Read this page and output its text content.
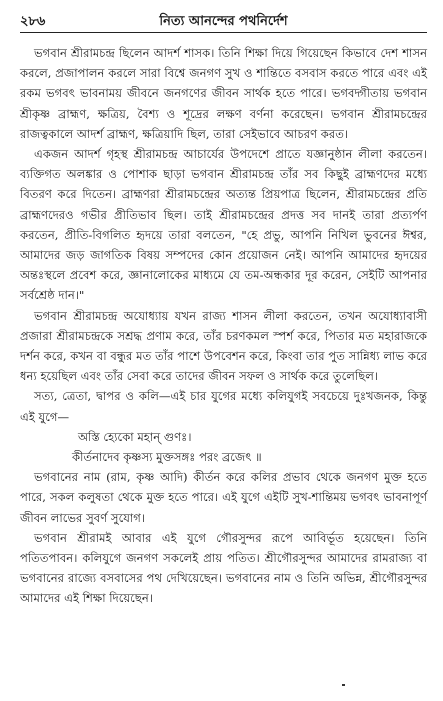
২৮৬	নিত্য আনন্দের পথনির্দেশ

ভগবান শ্রীরামচন্দ্র ছিলেন আদর্শ শাসক। তিনি শিক্ষা দিয়ে গিয়েছেন কিভাবে দেশ শাসন করলে, প্রজাপালন করলে সারা বিশ্বে জনগণ সুখ ও শান্তিতে বসবাস করতে পারে এবং এই রকম ভগবৎ ভাবনাময় জীবনে জনগণের জীবন সার্থক হতে পারে। ভগবদ্গীতায় ভগবান শ্রীকৃষ্ণ ব্রাহ্মণ, ক্ষত্রিয়, বৈশ্য ও শূদ্রের লক্ষণ বর্ণনা করেছেন। ভগবান শ্রীরামচন্দ্রের রাজত্বকালে আদর্শ ব্রাহ্মণ, ক্ষত্রিয়াদি ছিল, তারা সেইভাবে আচরণ করত।

একজন আদর্শ গৃহস্থ শ্রীরামচন্দ্র আচার্যের উপদেশে প্রাতে যজ্ঞানুষ্ঠান লীলা করতেন। ব্যক্তিগত অলঙ্কার ও পোশাক ছাড়া ভগবান শ্রীরামচন্দ্র তাঁর সব কিছুই ব্রাহ্মণদের মধ্যে বিতরণ করে দিতেন। ব্রাহ্মণরা শ্রীরামচন্দ্রের অত্যন্ত প্রিয়পাত্র ছিলেন, শ্রীরামচন্দ্রের প্রতি ব্রাহ্মণদেরও গভীর প্রীতিভাব ছিল। তাই শ্রীরামচন্দ্রের প্রদত্ত সব দানই তারা প্রত্যর্পণ করতেন, প্রীতি-বিগলিত হৃদয়ে তারা বলতেন, "হে প্রভু, আপনি নিখিল ভুবনের ঈশ্বর, আমাদের জড় জাগতিক বিষয় সম্পদের কোন প্রয়োজন নেই। আপনি আমাদের হৃদয়ের অন্তঃস্থলে প্রবেশ করে, জ্ঞানালোকের মাধ্যমে যে তম-অন্ধকার দূর করেন, সেইটি আপনার সর্বশ্রেষ্ঠ দান।"

ভগবান শ্রীরামচন্দ্র অযোধ্যায় যখন রাজ্য শাসন লীলা করতেন, তখন অযোধ্যাবাসী প্রজারা শ্রীরামচন্দ্রকে সশ্রদ্ধ প্রণাম করে, তাঁর চরণকমল স্পর্শ করে, পিতার মত মহারাজকে দর্শন করে, কখন বা বন্ধুর মত তাঁর পাশে উপবেশন করে, কিংবা তার পুত সান্নিধ্য লাভ করে ধন্য হয়েছিল এবং তাঁর সেবা করে তাদের জীবন সফল ও সার্থক করে তুলেছিল।

সত্য, ত্রেতা, দ্বাপর ও কলি—এই চার যুগের মধ্যে কলিযুগই সবচেয়ে দুঃখজনক, কিন্তু এই যুগে—

অস্তি হ্যেকো মহান্ গুণঃ।

কীর্তনাদেব কৃষ্ণস্য মুক্তসঙ্গঃ পরং ব্রজেৎ ॥

ভগবানের নাম (রাম, কৃষ্ণ আদি) কীর্তন করে কলির প্রভাব থেকে জনগণ মুক্ত হতে পারে, সকল কলুষতা থেকে মুক্ত হতে পারে। এই যুগে এইটি সুখ-শান্তিময় ভগবৎ ভাবনাপূর্ণ জীবন লাভের সুবর্ণ সুযোগ।

ভগবান শ্রীরামই আবার এই যুগে গৌরসুন্দর রূপে আবির্ভূত হয়েছেন। তিনি পতিতপাবন। কলিযুগে জনগণ সকলেই প্রায় পতিত। শ্রীগৌরসুন্দর আমাদের রামরাজ্য বা ভগবানের রাজ্যে বসবাসের পথ দেখিয়েছেন। ভগবানের নাম ও তিনি অভিন্ন, শ্রীগৌরসুন্দর আমাদের এই শিক্ষা দিয়েছেন।
